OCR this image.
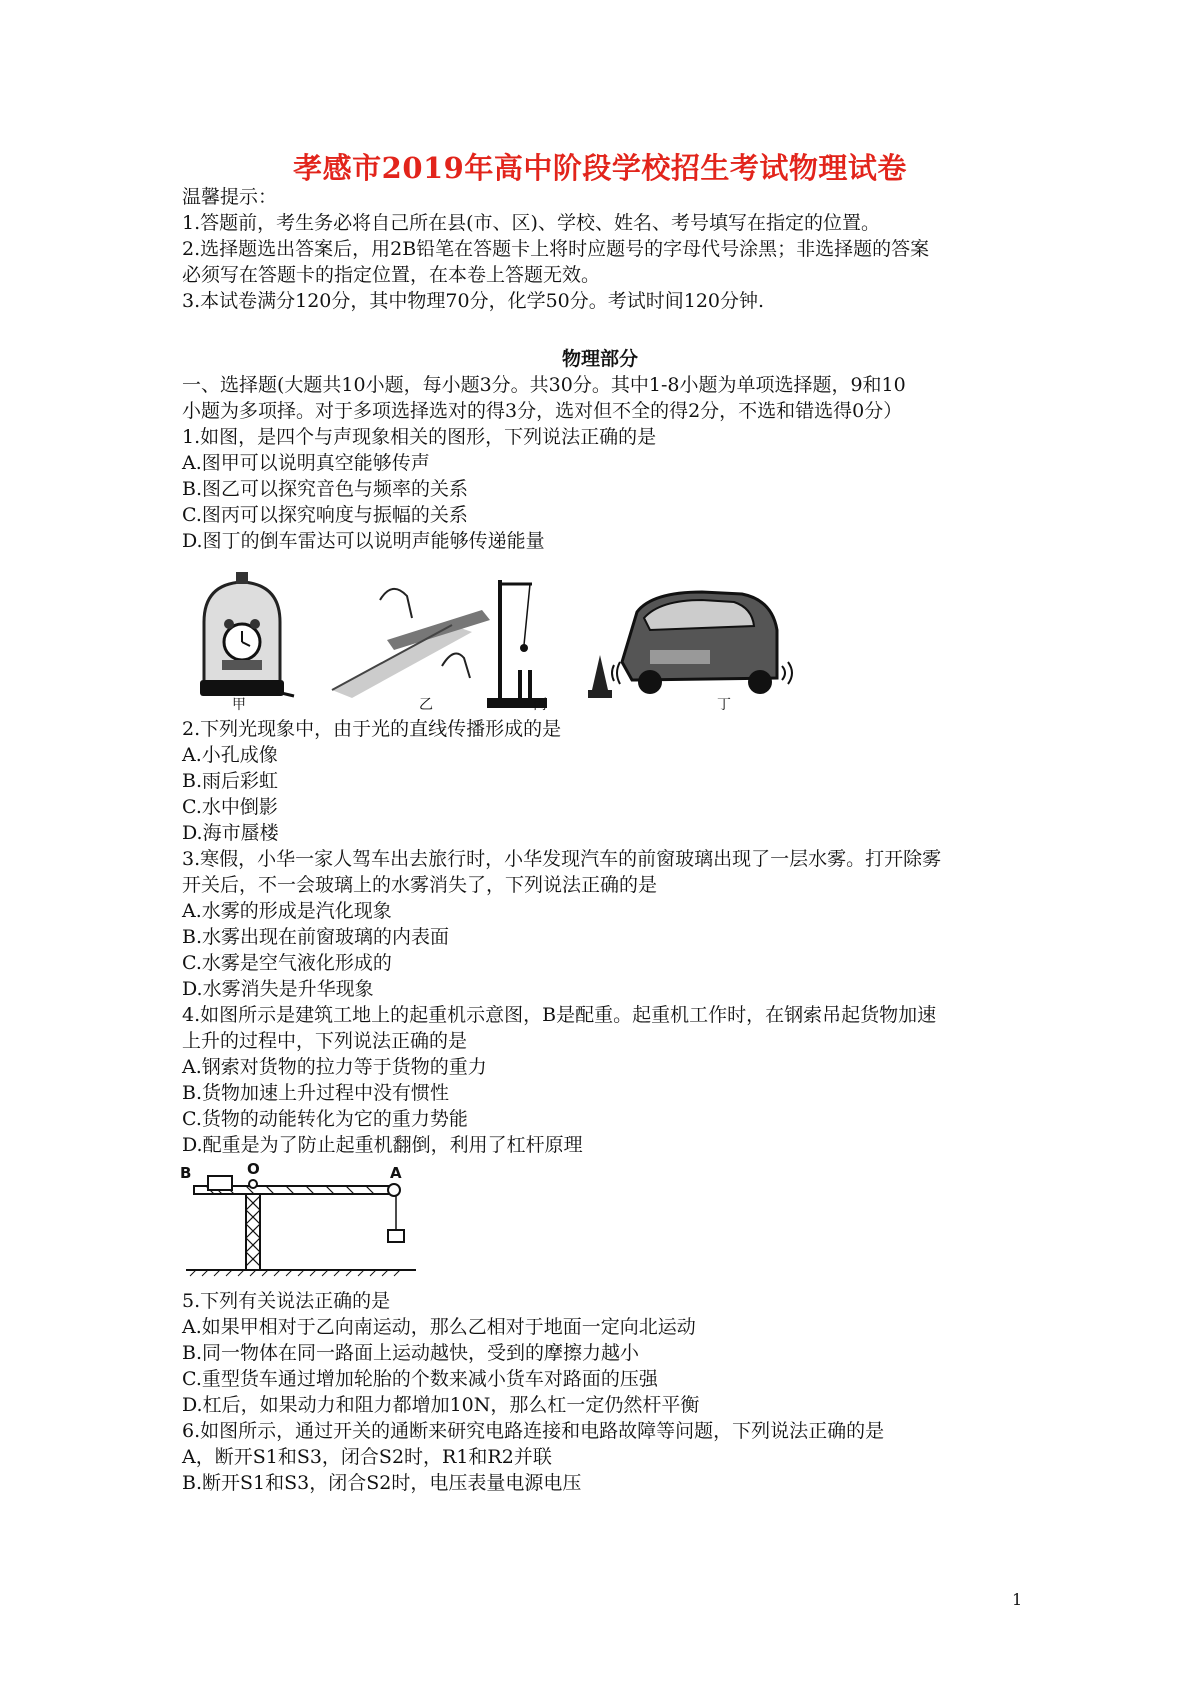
孝感市2019年高中阶段学校招生考试物理试卷
温馨提示：
1.答题前，考生务必将自己所在县(市、区)、学校、姓名、考号填写在指定的位置。
2.选择题选出答案后，用2B铅笔在答题卡上将时应题号的字母代号涂黑；非选择题的答案
必须写在答题卡的指定位置，在本卷上答题无效。
3.本试卷满分120分，其中物理70分，化学50分。考试时间120分钟.
物理部分
一、选择题(大题共10小题，每小题3分。共30分。其中1-8小题为单项选择题，9和10
小题为多项择。对于多项选择选对的得3分，选对但不全的得2分，不选和错选得0分）
1.如图，是四个与声现象相关的图形，下列说法正确的是
A.图甲可以说明真空能够传声
B.图乙可以探究音色与频率的关系
C.图丙可以探究响度与振幅的关系
D.图丁的倒车雷达可以说明声能够传递能量
甲	乙	丙	丁
2.下列光现象中，由于光的直线传播形成的是
A.小孔成像
B.雨后彩虹
C.水中倒影
D.海市蜃楼
3.寒假，小华一家人驾车出去旅行时，小华发现汽车的前窗玻璃出现了一层水雾。打开除雾
开关后，不一会玻璃上的水雾消失了，下列说法正确的是
A.水雾的形成是汽化现象
B.水雾出现在前窗玻璃的内表面
C.水雾是空气液化形成的
D.水雾消失是升华现象
4.如图所示是建筑工地上的起重机示意图，B是配重。起重机工作时，在钢索吊起货物加速
上升的过程中，下列说法正确的是
A.钢索对货物的拉力等于货物的重力
B.货物加速上升过程中没有惯性
C.货物的动能转化为它的重力势能
D.配重是为了防止起重机翻倒，利用了杠杆原理
B	O	A
5.下列有关说法正确的是
A.如果甲相对于乙向南运动，那么乙相对于地面一定向北运动
B.同一物体在同一路面上运动越快，受到的摩擦力越小
C.重型货车通过增加轮胎的个数来减小货车对路面的压强
D.杠后，如果动力和阻力都增加10N，那么杠一定仍然杆平衡
6.如图所示，通过开关的通断来研究电路连接和电路故障等问题，下列说法正确的是
A，断开S1和S3，闭合S2时，R1和R2并联
B.断开S1和S3，闭合S2时，电压表量电源电压
1
